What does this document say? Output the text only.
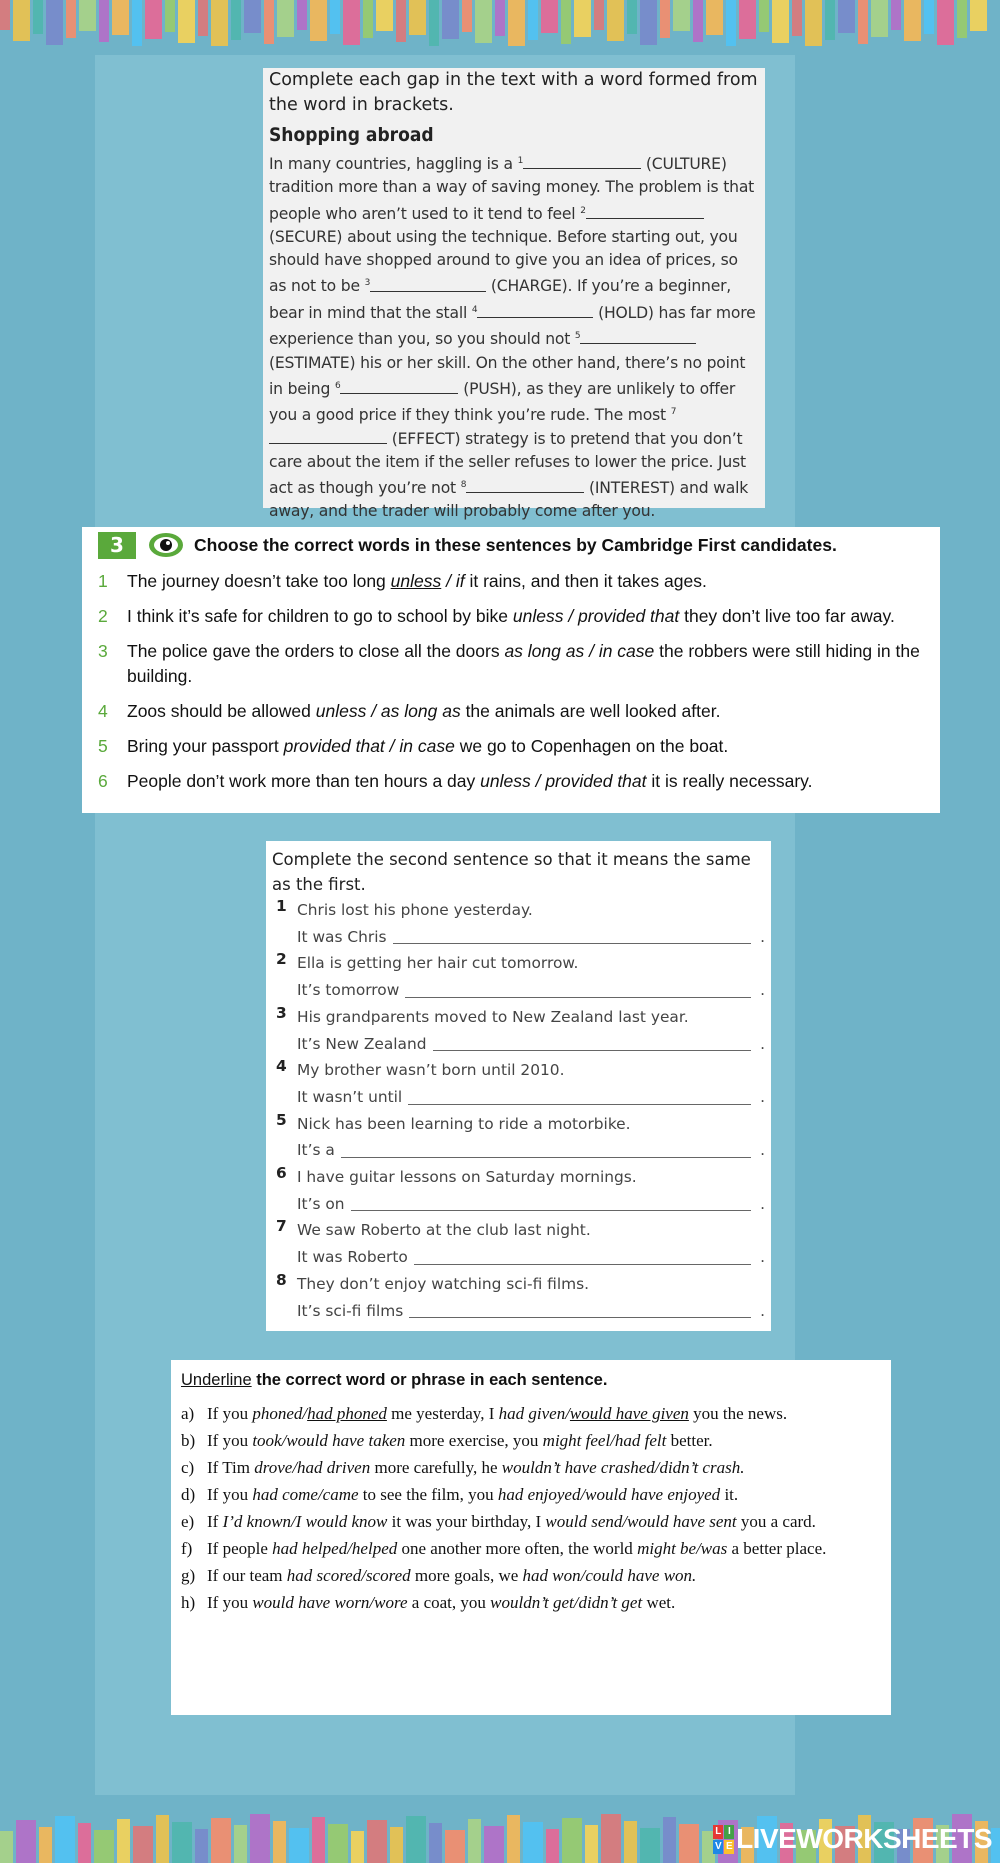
Complete each gap in the text with a word formed from the word in brackets.
Shopping abroad
In many countries, haggling is a $^1$	(CULTURE) tradition more than a way of saving money. The problem is that people who aren’t used to it tend to feel $^2$ (SECURE) about using the technique. Before starting out, you should have shopped around to give you an idea of prices, so as not to be $^3$	(CHARGE). If you’re a beginner, bear in mind that the stall $^4$	(HOLD) has far more experience than you, so you should not $^5$ (ESTIMATE) his or her skill. On the other hand, there’s no point in being $^6$	(PUSH), as they are unlikely to offer you a good price if they think you’re rude. The most $^7$ (EFFECT) strategy is to pretend that you don’t care about the item if the seller refuses to lower the price. Just act as though you’re not $^8$	(INTEREST) and walk away, and the trader will probably come after you.
3	Choose the correct words in these sentences by Cambridge First candidates.
1 The journey doesn’t take too long unless / if it rains, and then it takes ages.
2 I think it’s safe for children to go to school by bike unless / provided that they don’t live too far away.
3 The police gave the orders to close all the doors as long as / in case the robbers were still hiding in the building.
4 Zoos should be allowed unless / as long as the animals are well looked after.
5 Bring your passport provided that / in case we go to Copenhagen on the boat.
6 People don’t work more than ten hours a day unless / provided that it is really necessary.
Complete the second sentence so that it means the same as the first.
1 Chris lost his phone yesterday.
It was Chris	.
2 Ella is getting her hair cut tomorrow.
It’s tomorrow	.
3 His grandparents moved to New Zealand last year.
It’s New Zealand	.
4 My brother wasn’t born until 2010.
It wasn’t until	.
5 Nick has been learning to ride a motorbike.
It’s a	.
6 I have guitar lessons on Saturday mornings.
It’s on	.
7 We saw Roberto at the club last night.
It was Roberto	.
8 They don’t enjoy watching sci-fi films.
It’s sci-fi films	.
Underline the correct word or phrase in each sentence.
a) If you phoned/had phoned me yesterday, I had given/would have given you the news.
b) If you took/would have taken more exercise, you might feel/had felt better.
c) If Tim drove/had driven more carefully, he wouldn’t have crashed/didn’t crash.
d) If you had come/came to see the film, you had enjoyed/would have enjoyed it.
e) If I’d known/I would know it was your birthday, I would send/would have sent you a card.
f) If people had helped/helped one another more often, the world might be/was a better place.
g) If our team had scored/scored more goals, we had won/could have won.
h) If you would have worn/wore a coat, you wouldn’t get/didn’t get wet.
L I
V E LIVEWORKSHEETS
